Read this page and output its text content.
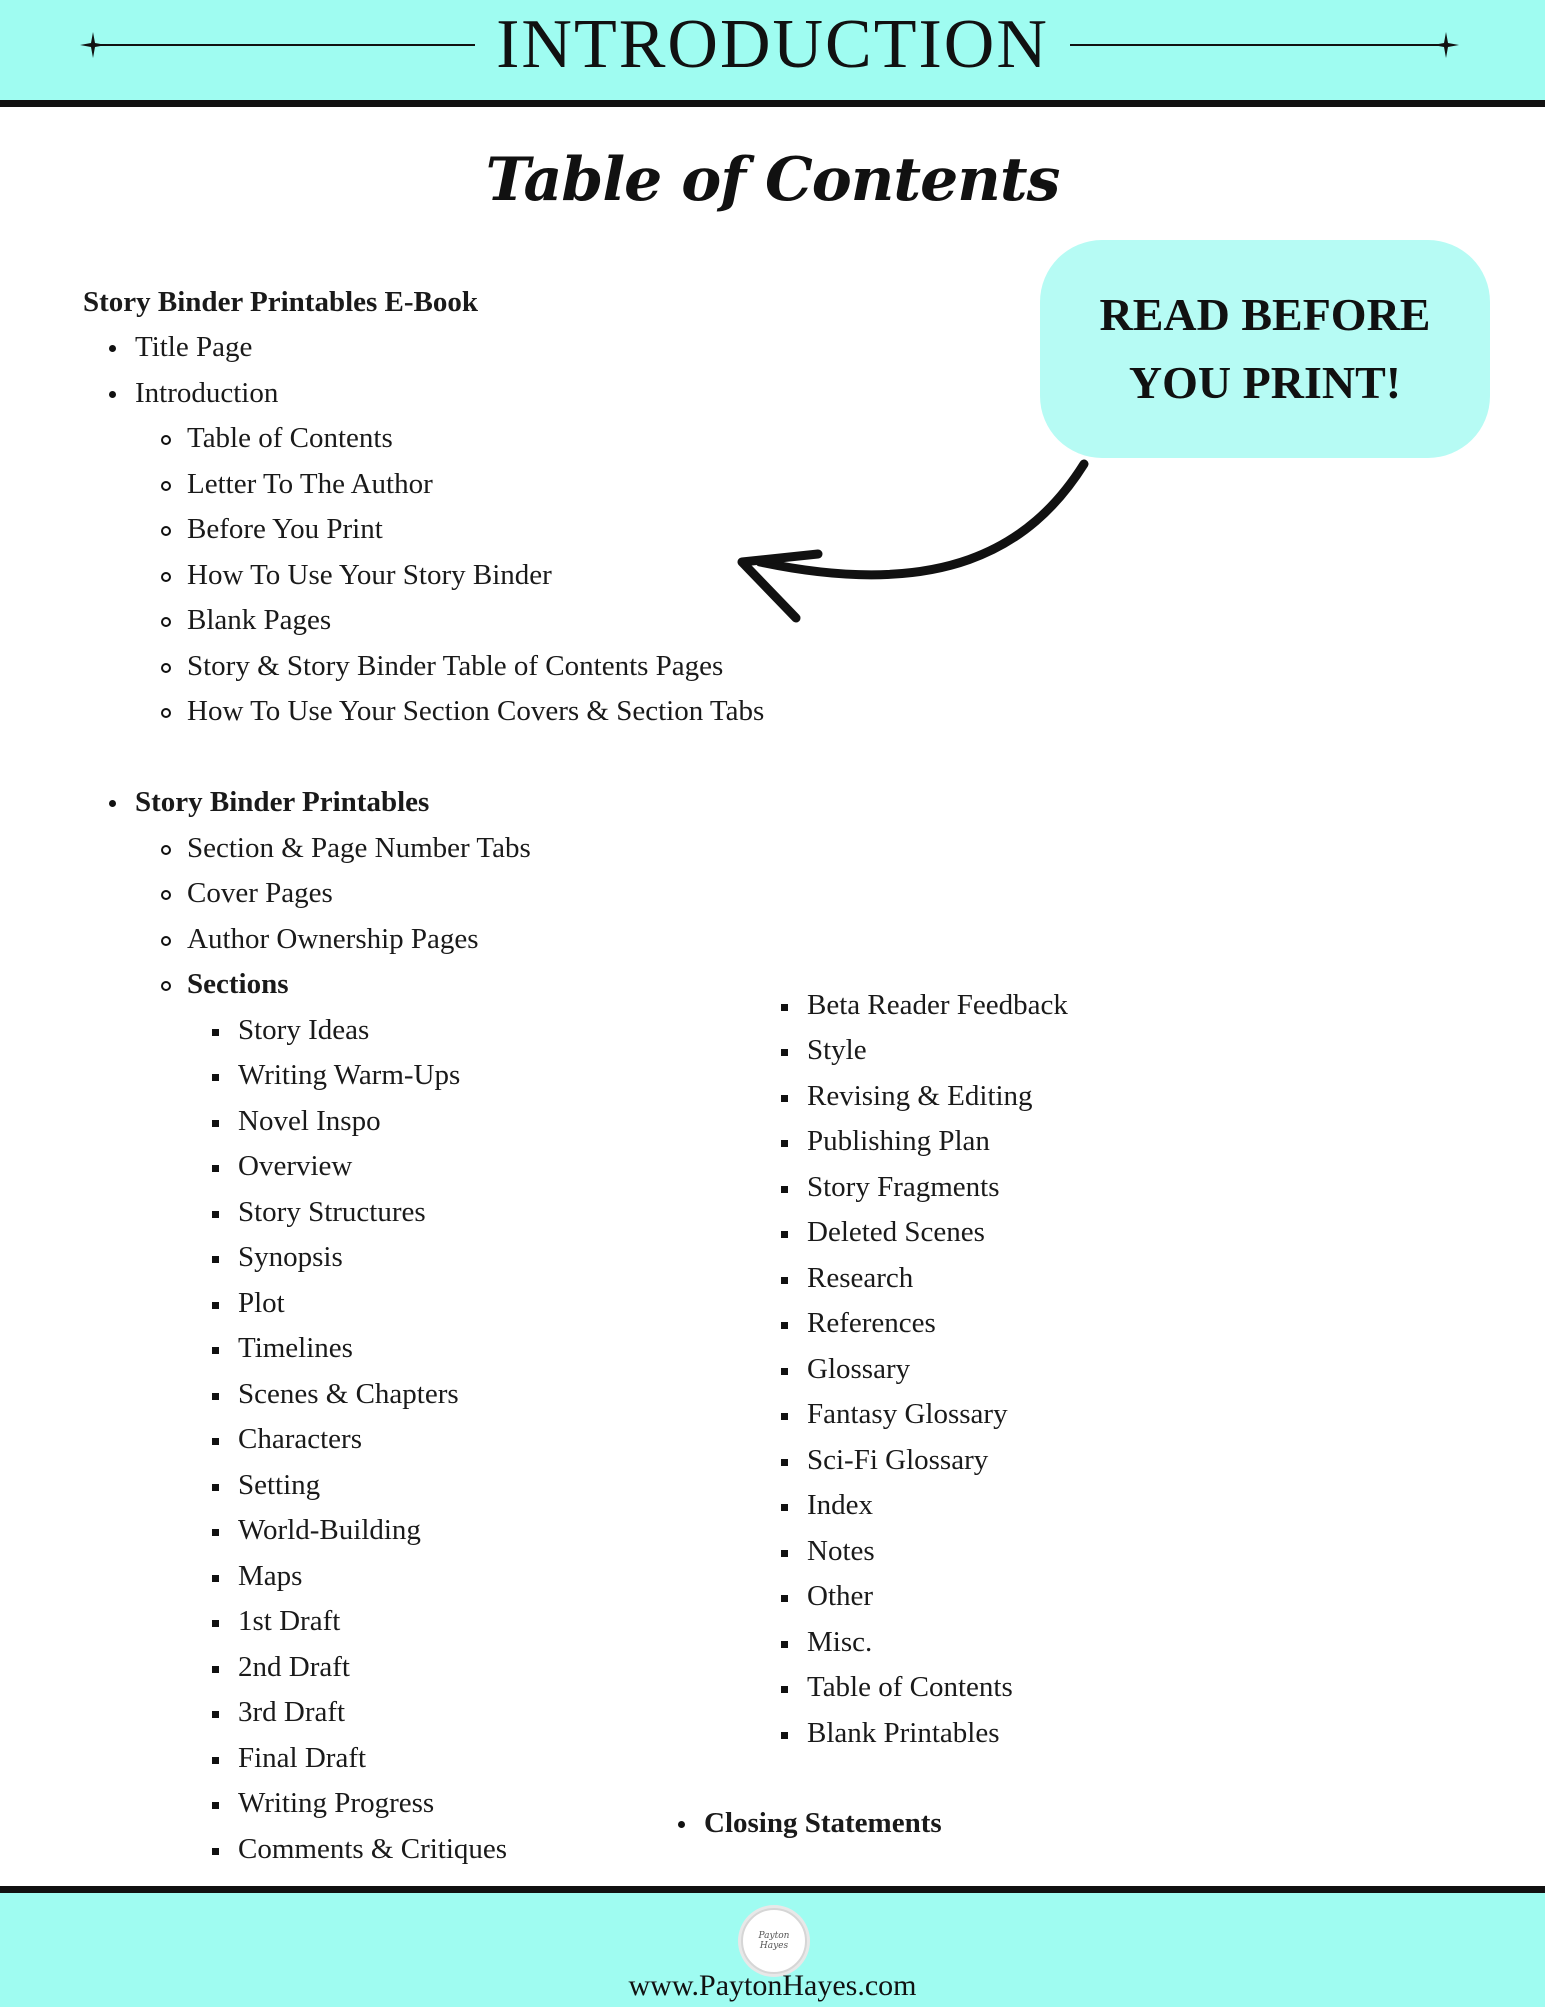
INTRODUCTION
Table of Contents
READ BEFORE YOU PRINT!
Story Binder Printables E-Book
Title Page
Introduction
Table of Contents
Letter To The Author
Before You Print
How To Use Your Story Binder
Blank Pages
Story & Story Binder Table of Contents Pages
How To Use Your Section Covers & Section Tabs
Story Binder Printables
Section & Page Number Tabs
Cover Pages
Author Ownership Pages
Sections
Story Ideas
Writing Warm-Ups
Novel Inspo
Overview
Story Structures
Synopsis
Plot
Timelines
Scenes & Chapters
Characters
Setting
World-Building
Maps
1st Draft
2nd Draft
3rd Draft
Final Draft
Writing Progress
Comments & Critiques
Beta Reader Feedback
Style
Revising & Editing
Publishing Plan
Story Fragments
Deleted Scenes
Research
References
Glossary
Fantasy Glossary
Sci-Fi Glossary
Index
Notes
Other
Misc.
Table of Contents
Blank Printables
Closing Statements
Payton Hayes
www.PaytonHayes.com
